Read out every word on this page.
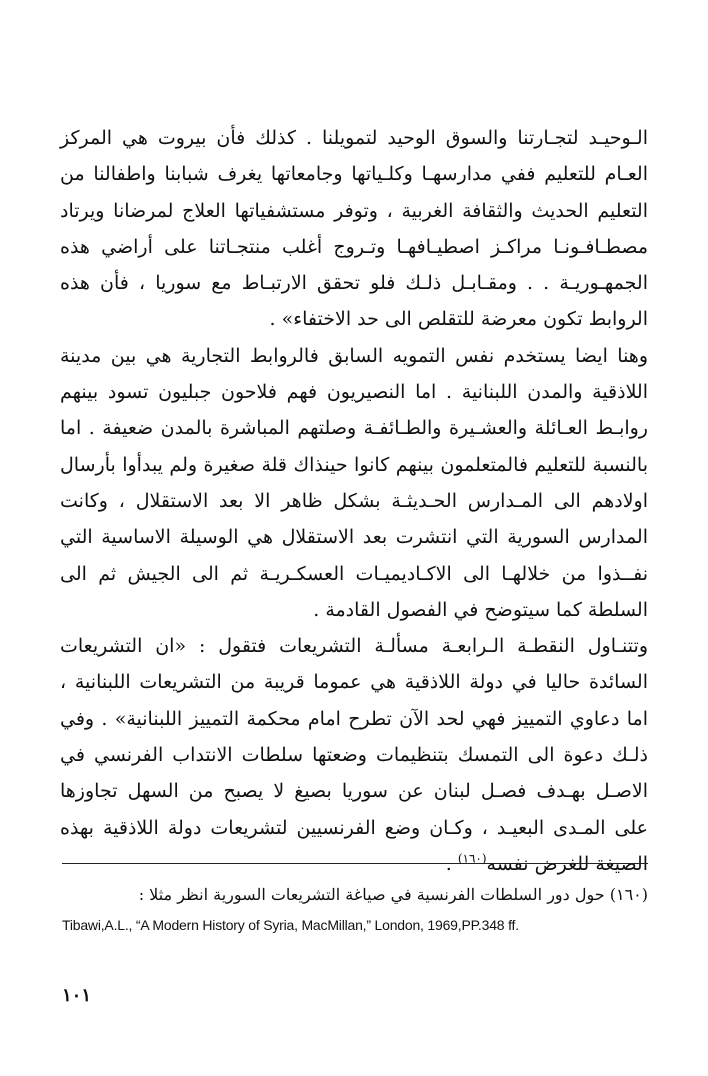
الـوحيـد لتجـارتنا والسوق الوحيد لتمويلنا . كذلك فأن بيروت هي المركز
العـام للتعليم ففي مدارسهـا وكلـياتها وجامعاتها يغرف شبابنا واطفالنا من
التعليم الحديث والثقافة الغربية ، وتوفر مستشفياتها العلاج لمرضانا ويرتاد
مصطـافـونـا مراكـز اصطيـافهـا وتـروج أغلب منتجـاتنا على أراضي هذه
الجمهـوريـة . . ومقـابـل ذلـك فلو تحقق الارتبـاط مع سوريا ، فأن هذه
الروابط تكون معرضة للتقلص الى حد الاختفاء» .
وهنا ايضا يستخدم نفس التمويه السابق فالروابط التجارية هي بين مدينة
اللاذقية والمدن اللبنانية . اما النصيريون فهم فلاحون جبليون تسود بينهم
روابـط العـائلة والعشـيرة والطـائفـة وصلتهم المباشرة بالمدن ضعيفة . اما
بالنسبة للتعليم فالمتعلمون بينهم كانوا حينذاك قلة صغيرة ولم يبدأوا بأرسال
اولادهم الى المـدارس الحـديثـة بشكل ظاهر الا بعد الاستقلال ، وكانت
المدارس السورية التي انتشرت بعد الاستقلال هي الوسيلة الاساسية التي
نفــذوا من خلالهـا الى الاكـاديميـات العسكـريـة ثم الى الجيش ثم الى
السلطة كما سيتوضح في الفصول القادمة .
وتتنـاول النقطـة الـرابعـة مسألـة التشريعات فتقول : «ان التشريعات
السائدة حاليا في دولة اللاذقية هي عموما قريبة من التشريعات اللبنانية ،
اما دعاوي التمييز فهي لحد الآن تطرح امام محكمة التمييز اللبنانية» . وفي
ذلـك دعوة الى التمسك بتنظيمات وضعتها سلطات الانتداب الفرنسي في
الاصـل بهـدف فصـل لبنان عن سوريا بصيغ لا يصبح من السهل تجاوزها
على المـدى البعيـد ، وكـان وضع الفرنسيين لتشريعات دولة اللاذقية بهذه
الصيغة للغرض نفسه$^{(١٦٠)}$ .
(١٦٠) حول دور السلطات الفرنسية في صياغة التشريعات السورية انظر مثلا :
Tibawi,A.L., “A Modern History of Syria, MacMillan,” London, 1969,PP.348 ff.
١٠١
